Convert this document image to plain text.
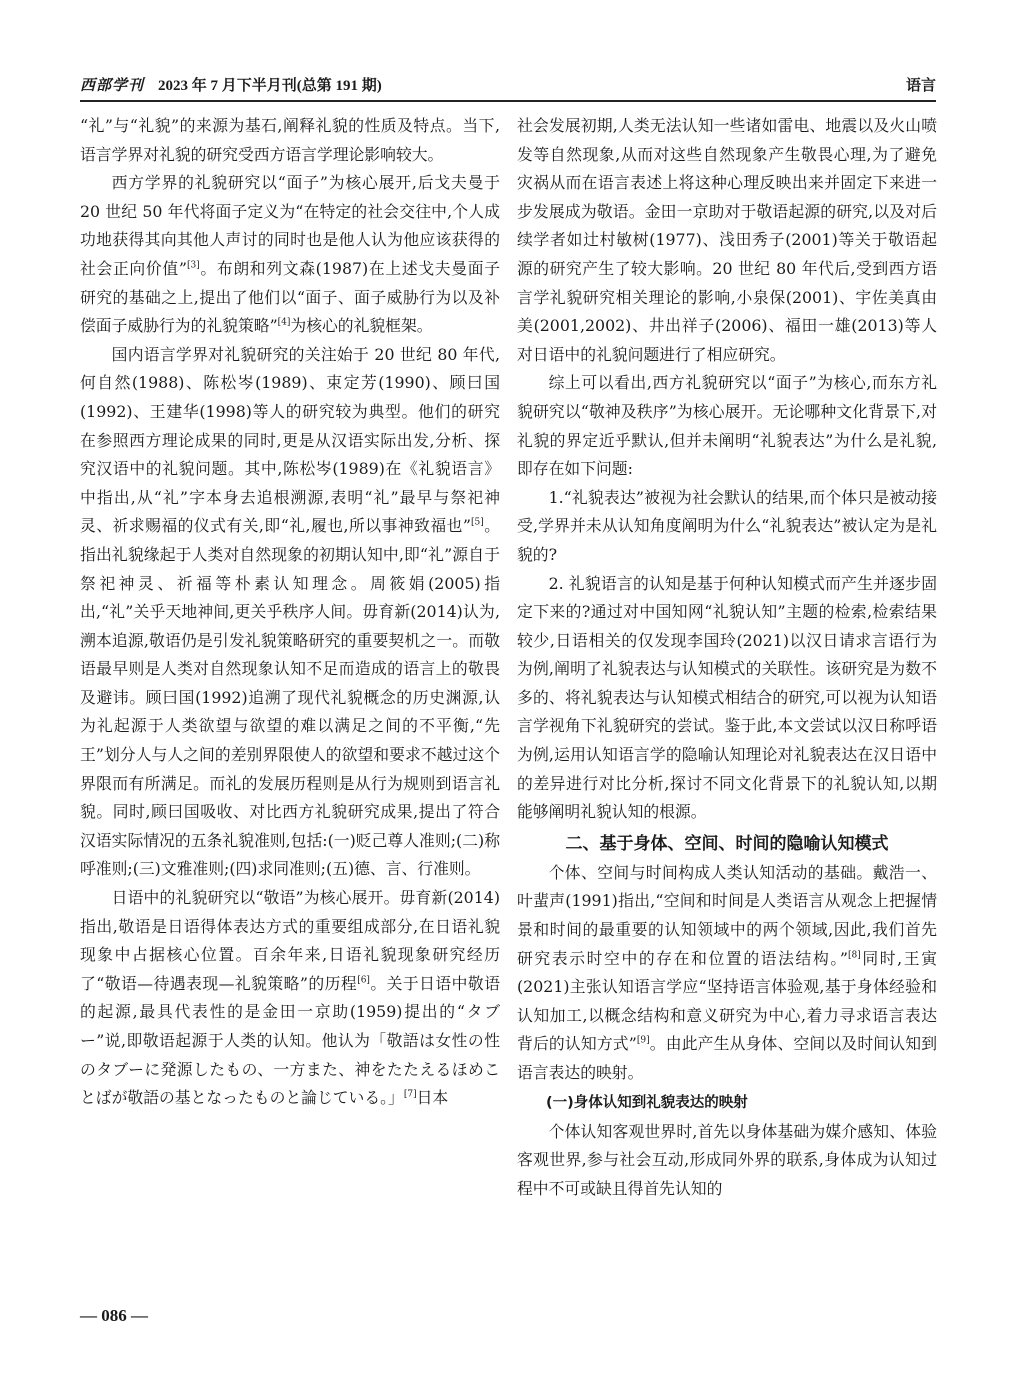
西部学刊 2023 年 7 月下半月刊(总第 191 期)	语言

“礼”与“礼貌”的来源为基石,阐释礼貌的性质及特点。当下,语言学界对礼貌的研究受西方语言学理论影响较大。

西方学界的礼貌研究以“面子”为核心展开,后戈夫曼于 20 世纪 50 年代将面子定义为“在特定的社会交往中,个人成功地获得其向其他人声讨的同时也是他人认为他应该获得的社会正向价值”[3]。布朗和列文森(1987)在上述戈夫曼面子研究的基础之上,提出了他们以“面子、面子威胁行为以及补偿面子威胁行为的礼貌策略”[4]为核心的礼貌框架。

国内语言学界对礼貌研究的关注始于 20 世纪 80 年代,何自然(1988)、陈松岑(1989)、束定芳(1990)、顾曰国(1992)、王建华(1998)等人的研究较为典型。他们的研究在参照西方理论成果的同时,更是从汉语实际出发,分析、探究汉语中的礼貌问题。其中,陈松岑(1989)在《礼貌语言》中指出,从“礼”字本身去追根溯源,表明“礼”最早与祭祀神灵、祈求赐福的仪式有关,即“礼,履也,所以事神致福也”[5]。指出礼貌缘起于人类对自然现象的初期认知中,即“礼”源自于祭祀神灵、祈福等朴素认知理念。周筱娟(2005)指出,“礼”关乎天地神间,更关乎秩序人间。毋育新(2014)认为,溯本追源,敬语仍是引发礼貌策略研究的重要契机之一。而敬语最早则是人类对自然现象认知不足而造成的语言上的敬畏及避讳。顾曰国(1992)追溯了现代礼貌概念的历史渊源,认为礼起源于人类欲望与欲望的难以满足之间的不平衡,“先王”划分人与人之间的差别界限使人的欲望和要求不越过这个界限而有所满足。而礼的发展历程则是从行为规则到语言礼貌。同时,顾曰国吸收、对比西方礼貌研究成果,提出了符合汉语实际情况的五条礼貌准则,包括:(一)贬己尊人准则;(二)称呼准则;(三)文雅准则;(四)求同准则;(五)德、言、行准则。

日语中的礼貌研究以“敬语”为核心展开。毋育新(2014)指出,敬语是日语得体表达方式的重要组成部分,在日语礼貌现象中占据核心位置。百余年来,日语礼貌现象研究经历了“敬语—待遇表现—礼貌策略”的历程[6]。关于日语中敬语的起源,最具代表性的是金田一京助(1959)提出的“タブー”说,即敬语起源于人类的认知。他认为「敬語は女性の性のタブーに発源したもの、一方また、神をたたえるほめことばが敬語の基となったものと論じている。」[7]日本

社会发展初期,人类无法认知一些诸如雷电、地震以及火山喷发等自然现象,从而对这些自然现象产生敬畏心理,为了避免灾祸从而在语言表述上将这种心理反映出来并固定下来进一步发展成为敬语。金田一京助对于敬语起源的研究,以及对后续学者如辻村敏树(1977)、浅田秀子(2001)等关于敬语起源的研究产生了较大影响。20 世纪 80 年代后,受到西方语言学礼貌研究相关理论的影响,小泉保(2001)、宇佐美真由美(2001,2002)、井出祥子(2006)、福田一雄(2013)等人对日语中的礼貌问题进行了相应研究。

综上可以看出,西方礼貌研究以“面子”为核心,而东方礼貌研究以“敬神及秩序”为核心展开。无论哪种文化背景下,对礼貌的界定近乎默认,但并未阐明“礼貌表达”为什么是礼貌,即存在如下问题:

1.“礼貌表达”被视为社会默认的结果,而个体只是被动接受,学界并未从认知角度阐明为什么“礼貌表达”被认定为是礼貌的?

2. 礼貌语言的认知是基于何种认知模式而产生并逐步固定下来的?通过对中国知网“礼貌认知”主题的检索,检索结果较少,日语相关的仅发现李国玲(2021)以汉日请求言语行为为例,阐明了礼貌表达与认知模式的关联性。该研究是为数不多的、将礼貌表达与认知模式相结合的研究,可以视为认知语言学视角下礼貌研究的尝试。鉴于此,本文尝试以汉日称呼语为例,运用认知语言学的隐喻认知理论对礼貌表达在汉日语中的差异进行对比分析,探讨不同文化背景下的礼貌认知,以期能够阐明礼貌认知的根源。

二、基于身体、空间、时间的隐喻认知模式

个体、空间与时间构成人类认知活动的基础。戴浩一、叶蜚声(1991)指出,“空间和时间是人类语言从观念上把握情景和时间的最重要的认知领域中的两个领域,因此,我们首先研究表示时空中的存在和位置的语法结构。”[8]同时,王寅(2021)主张认知语言学应“坚持语言体验观,基于身体经验和认知加工,以概念结构和意义研究为中心,着力寻求语言表达背后的认知方式”[9]。由此产生从身体、空间以及时间认知到语言表达的映射。

(一)身体认知到礼貌表达的映射

个体认知客观世界时,首先以身体基础为媒介感知、体验客观世界,参与社会互动,形成同外界的联系,身体成为认知过程中不可或缺且得首先认知的

— 086 —
